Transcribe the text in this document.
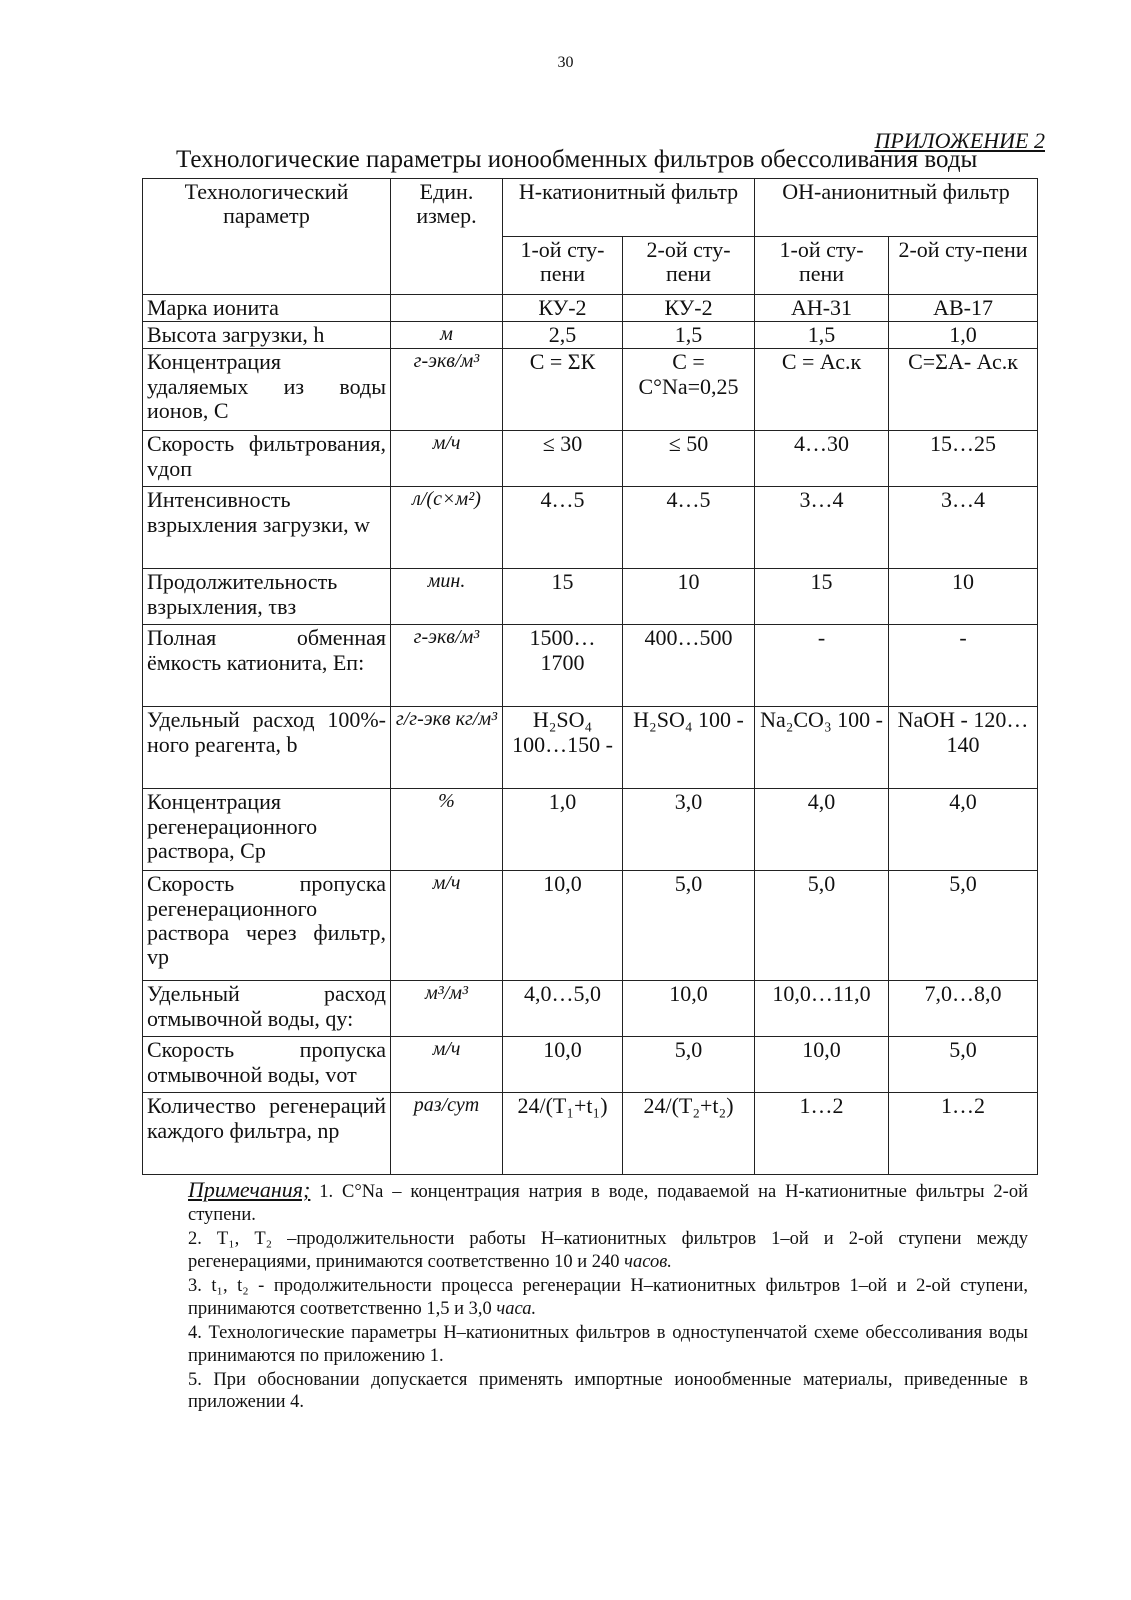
30
ПРИЛОЖЕНИЕ 2
Технологические параметры ионообменных фильтров обессоливания воды
Технологический параметр	Един. измер.	Н-катионитный фильтр		ОН-анионитный фильтр	
		1-ой сту-пени	2-ой сту-пени	1-ой сту-пени	2-ой сту-пени
Марка ионита		КУ-2	КУ-2	АН-31	АВ-17
Высота загрузки, h	м	2,5	1,5	1,5	1,0
Концентрация удаляемых из воды ионов, С	г-экв/м³	С = ΣК	С = С°Na=0,25	С = Ас.к	С=ΣА- Ас.к
Скорость фильтрования, vдоп	м/ч	≤ 30	≤ 50	4…30	15…25
Интенсивность взрыхления загрузки, w	л/(с×м²)	4…5	4…5	3…4	3…4
Продолжительность взрыхления, τвз	мин.	15	10	15	10
Полная обменная ёмкость катионита, Еп:	г-экв/м³	1500… 1700	400…500	-	-
Удельный расход 100%-ного реагента, b	г/г-экв кг/м³	H₂SO₄ 100…150 -	H₂SO₄ 100 -	Na₂CO₃ 100 -	NaOH - 120…140
Концентрация регенерационного раствора, Ср	%	1,0	3,0	4,0	4,0
Скорость пропуска регенерационного раствора через фильтр, vр	м/ч	10,0	5,0	5,0	5,0
Удельный расход отмывочной воды, qу:	м³/м³	4,0…5,0	10,0	10,0…11,0	7,0…8,0
Скорость пропуска отмывочной воды, vот	м/ч	10,0	5,0	10,0	5,0
Количество регенераций каждого фильтра, nр	раз/сут	24/(T₁+t₁)	24/(T₂+t₂)	1…2	1…2

Примечания; 1. С°Na – концентрация натрия в воде, подаваемой на Н-катионитные фильтры 2-ой ступени.

2. Т₁, Т₂ –продолжительности работы Н–катионитных фильтров 1–ой и 2-ой ступени между регенерациями, принимаются соответственно 10 и 240 часов.

3. t₁, t₂ - продолжительности процесса регенерации Н–катионитных фильтров 1–ой и 2-ой ступени, принимаются соответственно 1,5 и 3,0 часа.

4. Технологические параметры Н–катионитных фильтров в одноступенчатой схеме обессоливания воды принимаются по приложению 1.

5. При обосновании допускается применять импортные ионообменные материалы, приведенные в приложении 4.
